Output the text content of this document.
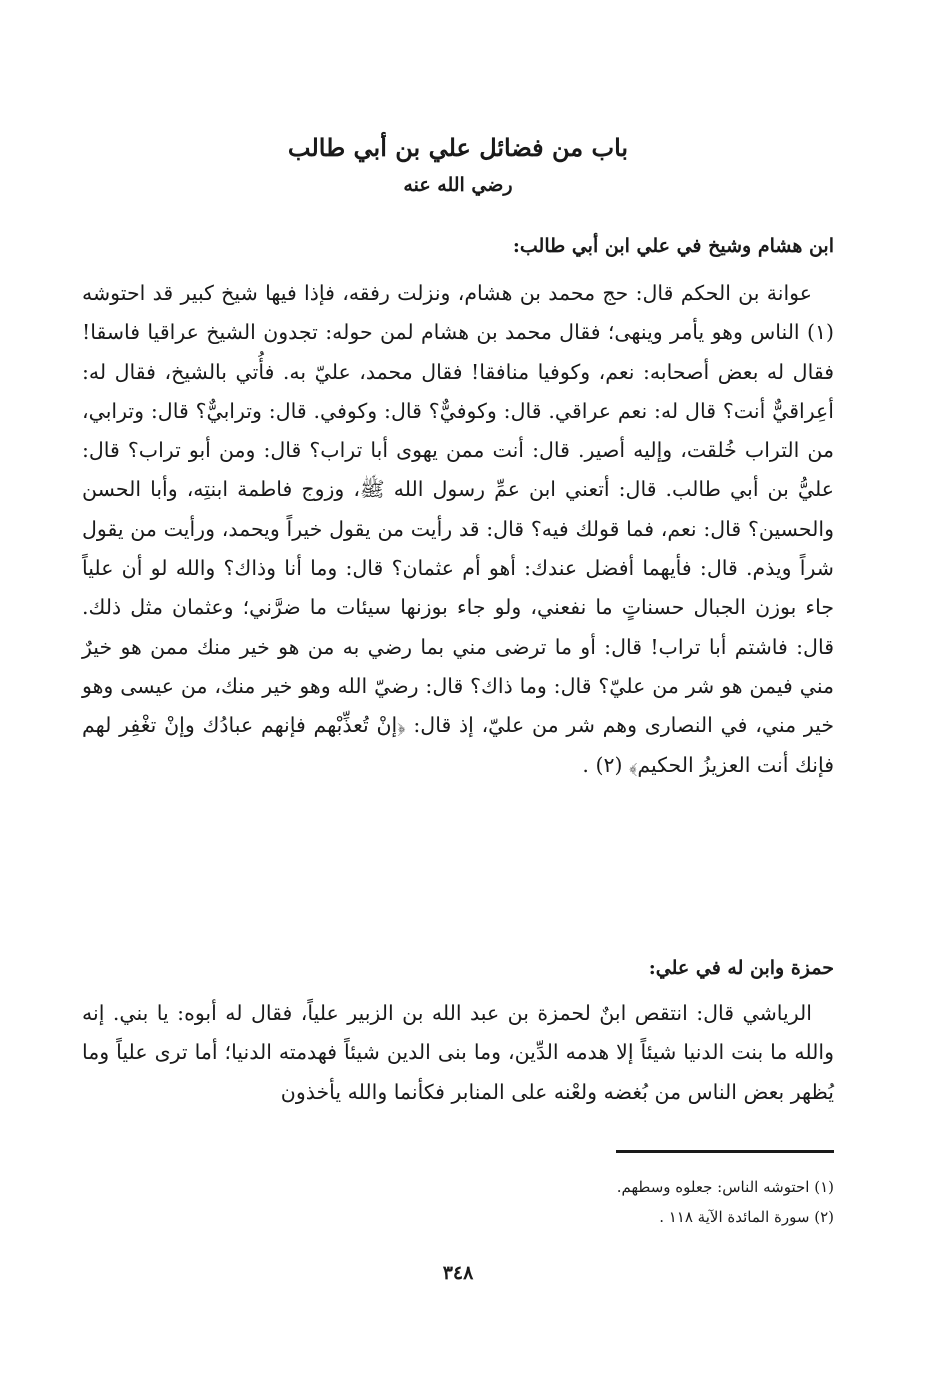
باب من فضائل علي بن أبي طالب
رضي الله عنه
ابن هشام وشيخ في علي ابن أبي طالب:

عوانة بن الحكم قال: حج محمد بن هشام، ونزلت رفقه، فإذا فيها شيخ كبير قد احتوشه (١) الناس وهو يأمر وينهى؛ فقال محمد بن هشام لمن حوله: تجدون الشيخ عراقيا فاسقا! فقال له بعض أصحابه: نعم، وكوفيا منافقا! فقال محمد، عليّ به. فأُتي بالشيخ، فقال له: أعِراقيٌّ أنت؟ قال له: نعم عراقي. قال: وكوفيٌّ؟ قال: وكوفي. قال: وترابيٌّ؟ قال: وترابي، من التراب خُلقت، وإليه أصير. قال: أنت ممن يهوى أبا تراب؟ قال: ومن أبو تراب؟ قال: عليُّ بن أبي طالب. قال: أتعني ابن عمِّ رسول الله ﷺ، وزوج فاطمة ابنتِه، وأبا الحسن والحسين؟ قال: نعم، فما قولك فيه؟ قال: قد رأيت من يقول خيراً ويحمد، ورأيت من يقول شراً ويذم. قال: فأيهما أفضل عندك: أهو أم عثمان؟ قال: وما أنا وذاك؟ والله لو أن علياً جاء بوزن الجبال حسناتٍ ما نفعني، ولو جاء بوزنها سيئات ما ضرَّني؛ وعثمان مثل ذلك. قال: فاشتم أبا تراب! قال: أو ما ترضى مني بما رضي به من هو خير منك ممن هو خيرٌ مني فيمن هو شر من عليّ؟ قال: وما ذاك؟ قال: رضيّ الله وهو خير منك، من عيسى وهو خير مني، في النصارى وهم شر من عليّ، إذ قال: ﴿إنْ تُعذِّبْهم فإنهم عبادُك وإنْ تغْفِر لهم فإنك أنت العزيزُ الحكيم﴾ (٢) .

حمزة وابن له في علي:

الرياشي قال: انتقص ابنٌ لحمزة بن عبد الله بن الزبير علياً، فقال له أبوه: يا بني. إنه والله ما بنت الدنيا شيئاً إلا هدمه الدِّين، وما بنى الدين شيئاً فهدمته الدنيا؛ أما ترى علياً وما يُظهر بعض الناس من بُغضه ولعْنه على المنابر فكأنما والله يأخذون

(١) احتوشه الناس: جعلوه وسطهم.

(٢) سورة المائدة الآية ١١٨ .

٣٤٨
